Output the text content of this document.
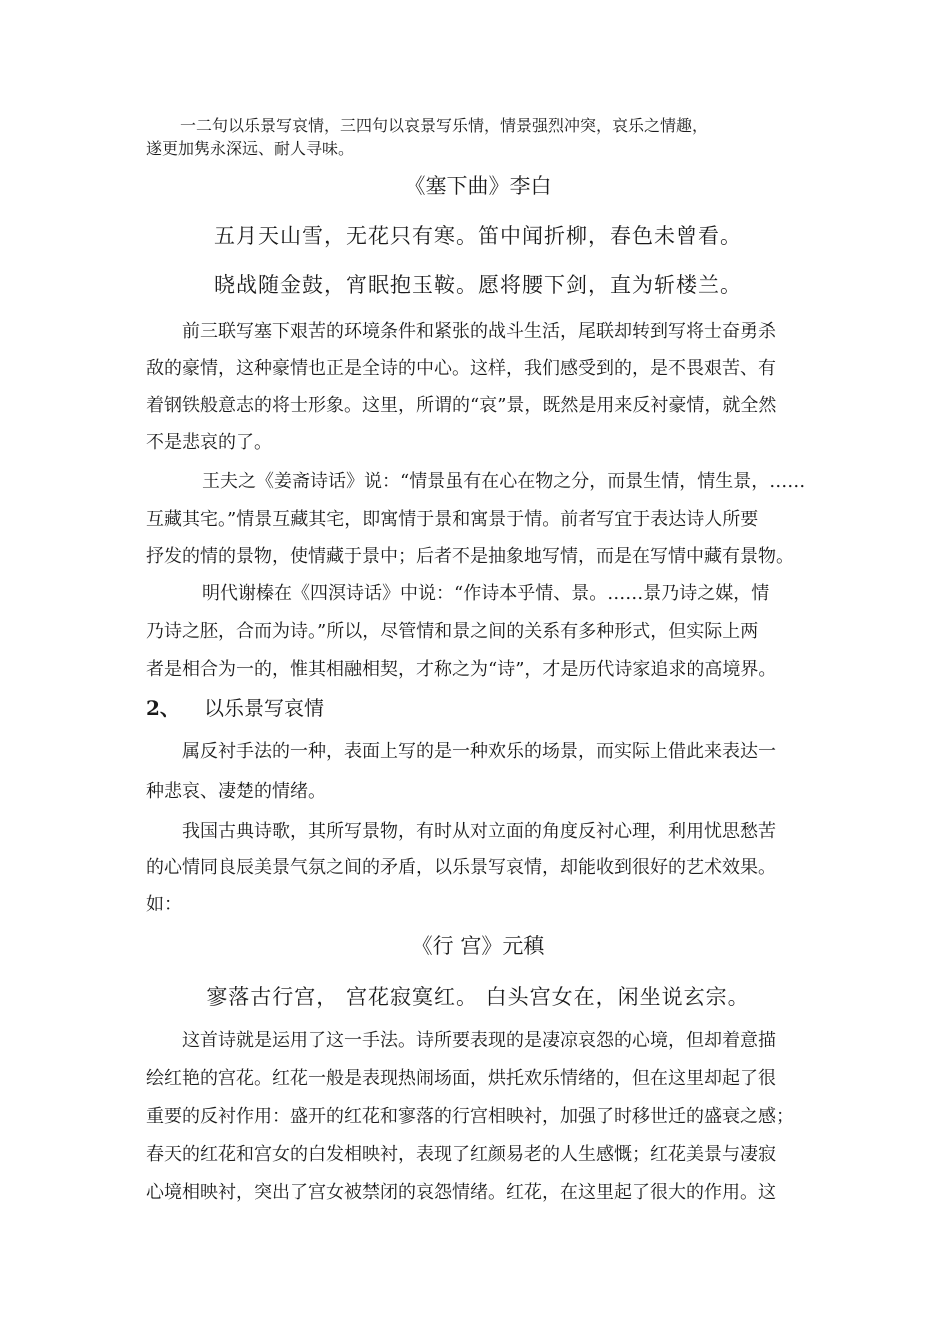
一二句以乐景写哀情，三四句以哀景写乐情，情景强烈冲突，哀乐之情趣，
遂更加隽永深远、耐人寻味。
《塞下曲》李白
五月天山雪，无花只有寒。笛中闻折柳，春色未曾看。
晓战随金鼓，宵眠抱玉鞍。愿将腰下剑，直为斩楼兰。
前三联写塞下艰苦的环境条件和紧张的战斗生活，尾联却转到写将士奋勇杀
敌的豪情，这种豪情也正是全诗的中心。这样，我们感受到的，是不畏艰苦、有
着钢铁般意志的将士形象。这里，所谓的“哀”景，既然是用来反衬豪情，就全然
不是悲哀的了。
王夫之《姜斋诗话》说：“情景虽有在心在物之分，而景生情，情生景，……
互藏其宅。”情景互藏其宅，即寓情于景和寓景于情。前者写宜于表达诗人所要
抒发的情的景物，使情藏于景中；后者不是抽象地写情，而是在写情中藏有景物。
明代谢榛在《四溟诗话》中说：“作诗本乎情、景。……景乃诗之媒，情
乃诗之胚，合而为诗。”所以，尽管情和景之间的关系有多种形式，但实际上两
者是相合为一的，惟其相融相契，才称之为“诗”，才是历代诗家追求的高境界。
2、 以乐景写哀情
属反衬手法的一种，表面上写的是一种欢乐的场景，而实际上借此来表达一
种悲哀、凄楚的情绪。
我国古典诗歌，其所写景物，有时从对立面的角度反衬心理，利用忧思愁苦
的心情同良辰美景气氛之间的矛盾，以乐景写哀情，却能收到很好的艺术效果。
如：
《行 宫》元稹
寥落古行宫， 宫花寂寞红。 白头宫女在，闲坐说玄宗。
这首诗就是运用了这一手法。诗所要表现的是凄凉哀怨的心境，但却着意描
绘红艳的宫花。红花一般是表现热闹场面，烘托欢乐情绪的，但在这里却起了很
重要的反衬作用：盛开的红花和寥落的行宫相映衬，加强了时移世迁的盛衰之感；
春天的红花和宫女的白发相映衬，表现了红颜易老的人生感慨；红花美景与凄寂
心境相映衬，突出了宫女被禁闭的哀怨情绪。红花，在这里起了很大的作用。这
